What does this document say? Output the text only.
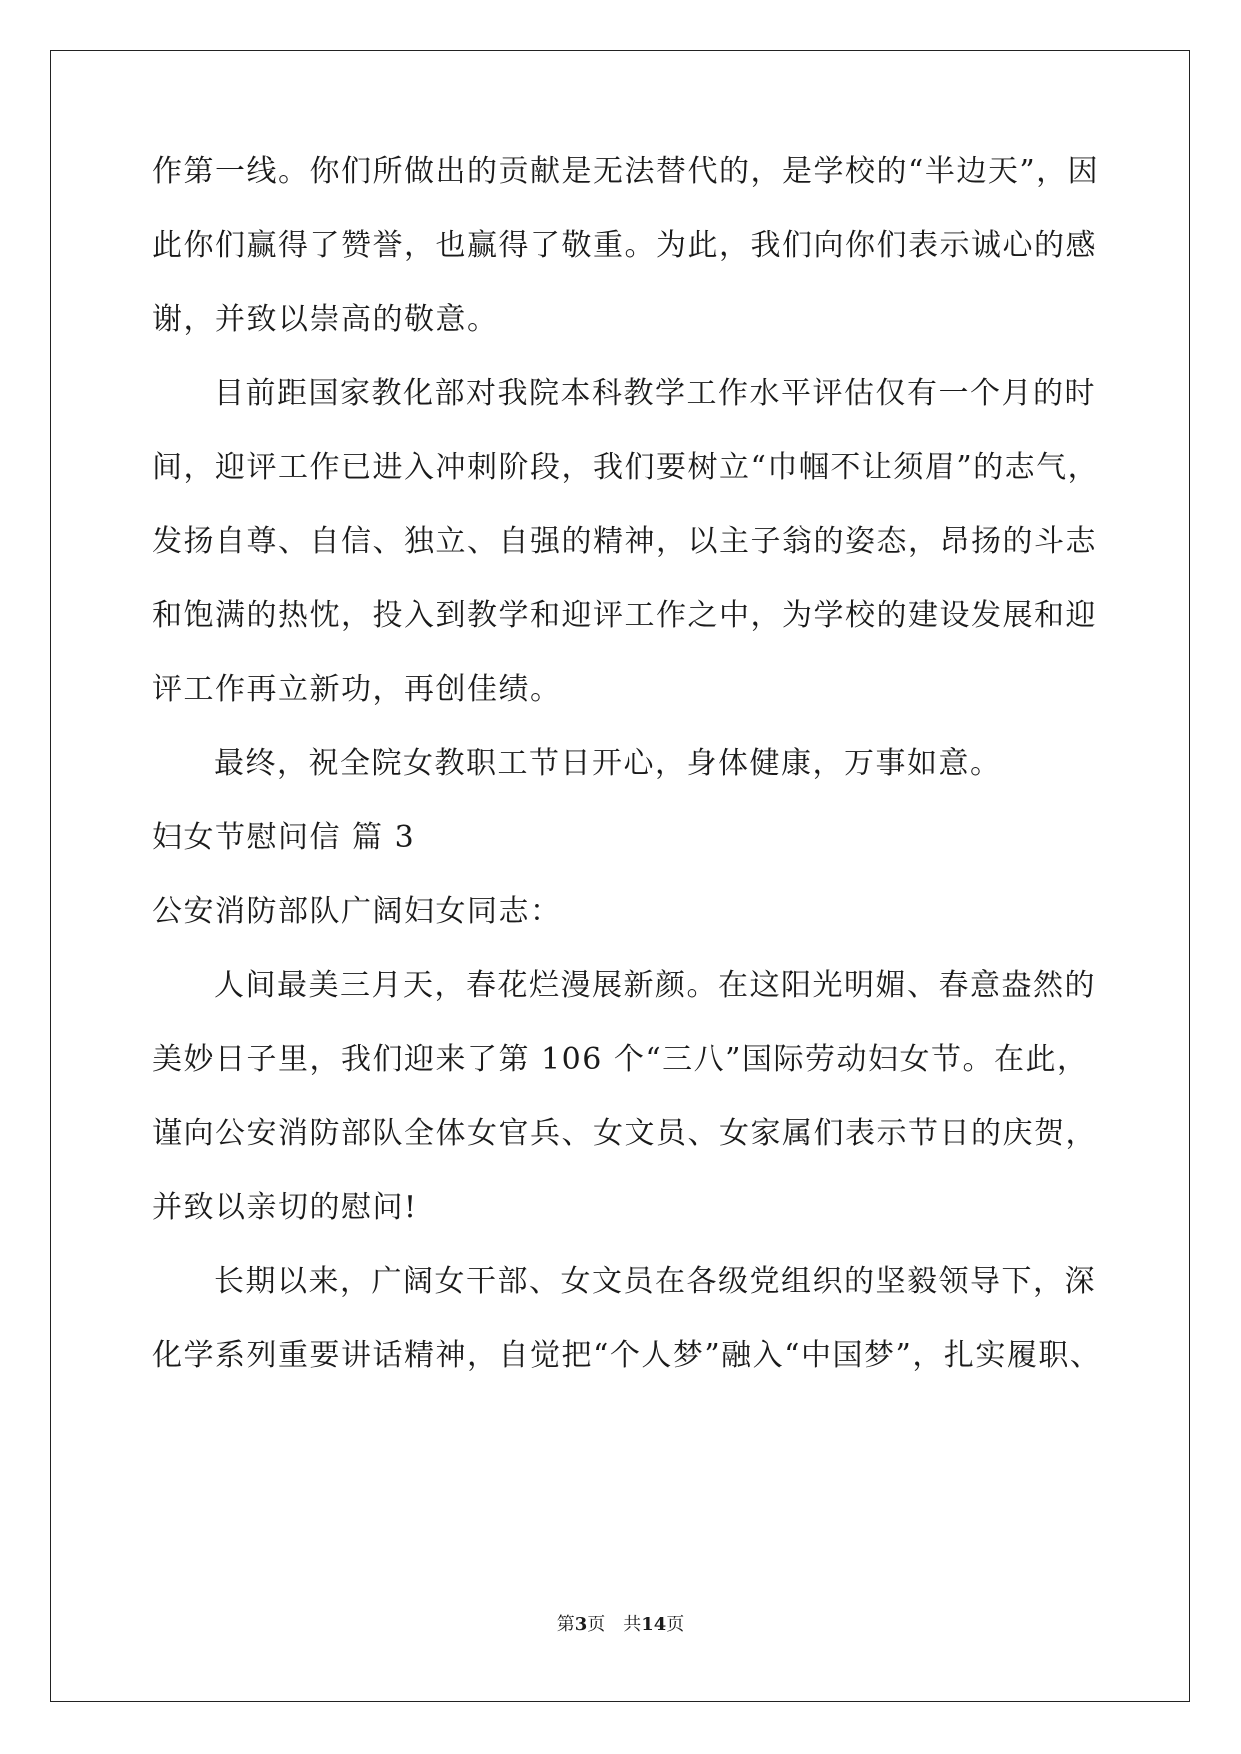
作第一线。你们所做出的贡献是无法替代的，是学校的“半边天”，因
此你们赢得了赞誉，也赢得了敬重。为此，我们向你们表示诚心的感
谢，并致以崇高的敬意。
目前距国家教化部对我院本科教学工作水平评估仅有一个月的时
间，迎评工作已进入冲刺阶段，我们要树立“巾帼不让须眉”的志气，
发扬自尊、自信、独立、自强的精神，以主子翁的姿态，昂扬的斗志
和饱满的热忱，投入到教学和迎评工作之中，为学校的建设发展和迎
评工作再立新功，再创佳绩。
最终，祝全院女教职工节日开心，身体健康，万事如意。
妇女节慰问信 篇 3
公安消防部队广阔妇女同志：
人间最美三月天，春花烂漫展新颜。在这阳光明媚、春意盎然的
美妙日子里，我们迎来了第 106 个“三八”国际劳动妇女节。在此，
谨向公安消防部队全体女官兵、女文员、女家属们表示节日的庆贺，
并致以亲切的慰问!
长期以来，广阔女干部、女文员在各级党组织的坚毅领导下，深
化学系列重要讲话精神，自觉把“个人梦”融入“中国梦”，扎实履职、
第3页　共14页
